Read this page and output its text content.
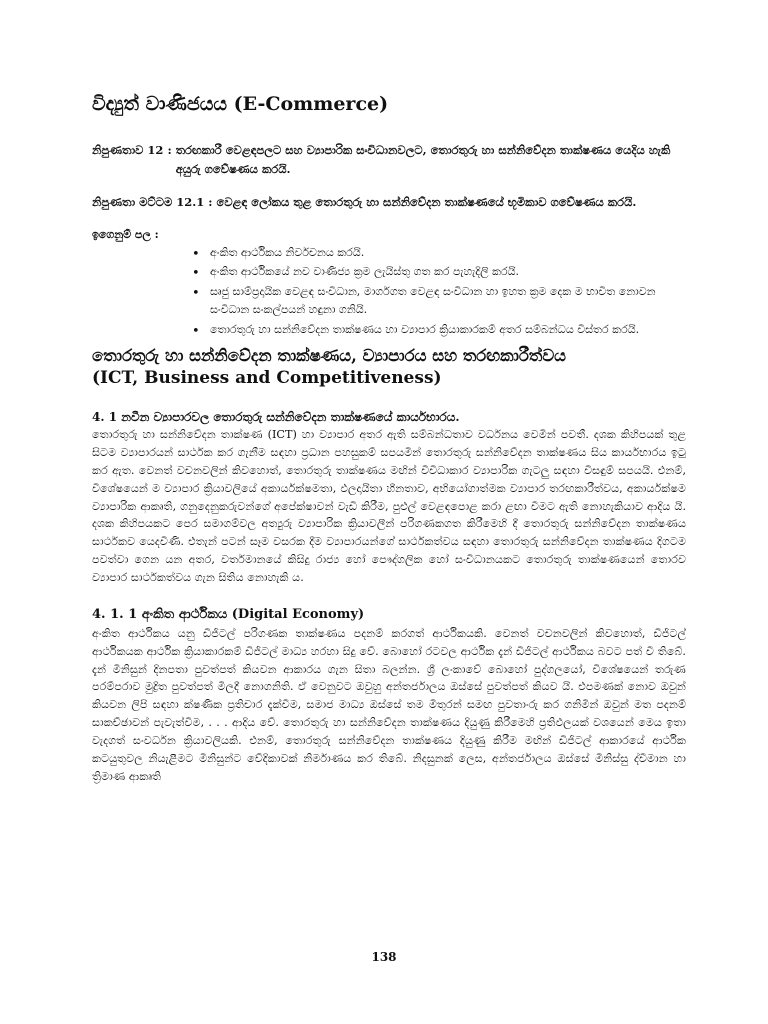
විද්‍යුත් වාණිජයය (E-Commerce)
නිපුණතාව 12 : තරඟකාරී වෙළඳපලට සහ ව්‍යාපාරික සංවිධානවලට, තොරතුරු හා සන්නිවේදන තාක්ෂණය යෙදිය හැකි අයුරු ගවේෂණය කරයි.
නිපුණතා මට්ටම 12.1 : වෙළඳ ලෝකය තුළ තොරතුරු හා සන්නිවේදන තාක්ෂණයේ භූමිකාව ගවේෂණය කරයි.
ඉගෙනුම් පල :
• අංකිත ආර්ථිකය නිර්වචනය කරයි.
• අංකිත ආර්ථිකයේ නව වාණිජ්‍ය ක්‍රම ලැයිස්තු ගත කර පැහැදිලි කරයි.
• සෘජු සාම්ප්‍රදායික වෙළඳ සංවිධාන, මාර්ගගත වෙළඳ සංවිධාන හා ඉහත ක්‍රම දෙක ම භාවිත නොවන සංවිධාන සංකල්පයන් හඳුනා ගනියි.
• තොරතුරු හා සන්නිවේදන තාක්ෂණය හා ව්‍යාපාර ක්‍රියාකාරකම් අතර සම්බන්ධය විස්තර කරයි.
තොරතුරු හා සන්නිවේදන තාක්ෂණය, ව්‍යාපාරය සහ තරඟකාරීත්වය
(ICT, Business and Competitiveness)
4. 1 නවීන ව්‍යාපාරවල තොරතුරු සන්නිවේදන තාක්ෂණයේ කාර්යභාරය.

තොරතුරු හා සන්නිවේදන තාක්ෂණ (ICT) හා ව්‍යාපාර අතර ඇති සම්බන්ධතාව වර්ධනය වෙමින් පවතී. දශක කිහිපයක් තුළ සිටම ව්‍යාපාරයන් සාර්ථක කර ගැනීම සඳහා ප්‍රධාන පහසුකම් සපයමින් තොරතුරු සන්නිවේදන තාක්ෂණය සිය කාර්යභාරය ඉටු කර ඇත. වෙනත් වචනවලින් කිවහොත්, තොරතුරු තාක්ෂණය මඟින් විවිධාකාර ව්‍යාපාරික ගැටලු සඳහා විසඳුම් සපයයි. එනම්, විශේෂයෙන් ම ව්‍යාපාර ක්‍රියාවලියේ අකාර්යක්ෂමතා, ඵලදායිතා හීනතාව, අභියෝගාත්මක ව්‍යාපාර තරඟකාරීත්වය, අකාර්යක්ෂම ව්‍යාපාරික ආකෘති, ගනුදෙනුකරුවන්ගේ අපේක්ෂාවන් වැඩි කිරීම, පුළුල් වෙළඳපොළ කරා ළඟා වීමට ඇති නොහැකියාව ආදිය යි. දශක කිහිපයකට පෙර සමාගම්වල අත්‍යුරු ව්‍යාපාරික ක්‍රියාවලීන් පරිගණකගත කිරීමෙහි දී තොරතුරු සන්නිවේදන තාක්ෂණය සාර්ථකව යෙදවිණි. එතැන් පටන් සෑම වසරක දීම ව්‍යාපාරයන්ගේ සාර්ථකත්වය සඳහා තොරතුරු සන්නිවේදන තාක්ෂණය දිගටම පවත්වා ගෙන යන අතර, වර්තමානයේ කිසිදු රාජ්‍ය හෝ පෞද්ගලික හෝ සංවිධානයකට තොරතුරු තාක්ෂණයෙන් තොරව ව්‍යාපාර සාර්ථකත්වය ගැන සිතිය නොහැකි ය.

4. 1. 1 අංකිත ආර්ථිකය (Digital Economy)

අංකිත ආර්ථිකය යනු ඩිජිටල් පරිගණක තාක්ෂණය පදනම් කරගත් ආර්ථිකයකි. වෙනත් වචනවලින් කිවහොත්, ඩිජිටල් ආර්ථිකයක ආර්ථික ක්‍රියාකාරකම් ඩිජිටල් මාධ්‍ය හරහා සිදු වේ. බොහෝ රටවල ආර්ථික දැන් ඩිජිටල් ආර්ථිකය බවට පත් වී තිබේ. දැන් මිනිසුන් දිනපතා පුවත්පත් කියවන ආකාරය ගැන සිතා බලන්න. ශ්‍රී ලංකාවේ බොහෝ පුද්ගලයෝ, විශේෂයෙන් තරුණ පරම්පරාව මුද්‍රිත පුවත්පත් මිලදී නොගනිති. ඒ වෙනුවට ඔවුහු අන්තර්ජාලය ඔස්සේ පුවත්පත් කියව යි. එපමණක් නොව ඔවුන් කියවන ලිපි සඳහා ක්ෂණික ප්‍රතිචාර දැක්වීම, සමාජ මාධ්‍ය ඔස්සේ තම මිතුරන් සමඟ පුවතාංරු කර ගනිමින් ඔවුන් මත පදනම් සාකච්ඡාවන් පැවැත්වීම, . . . ආදිය වේ. තොරතුරු හා සන්නිවේදන තාක්ෂණය දියුණු කිරීමෙහි ප්‍රතිඵලයක් වශයෙන් මෙය ඉතා වැදගත් සංවර්ධන ක්‍රියාවලියකි. එනම්, තොරතුරු සන්නිවේදන තාක්ෂණය දියුණු කිරීම මඟින් ඩිජිටල් ආකාරයේ ආර්ථික කටයුතුවල නියැළීමට මිනිසුන්ට වේදිකාවක් නිර්මාණය කර තිබේ. නිදසුනක් ලෙස, අන්තර්ජාලය ඔස්සේ මිනිස්සු ද්වීමාන හා ත්‍රිමාණ ආකෘති

138
